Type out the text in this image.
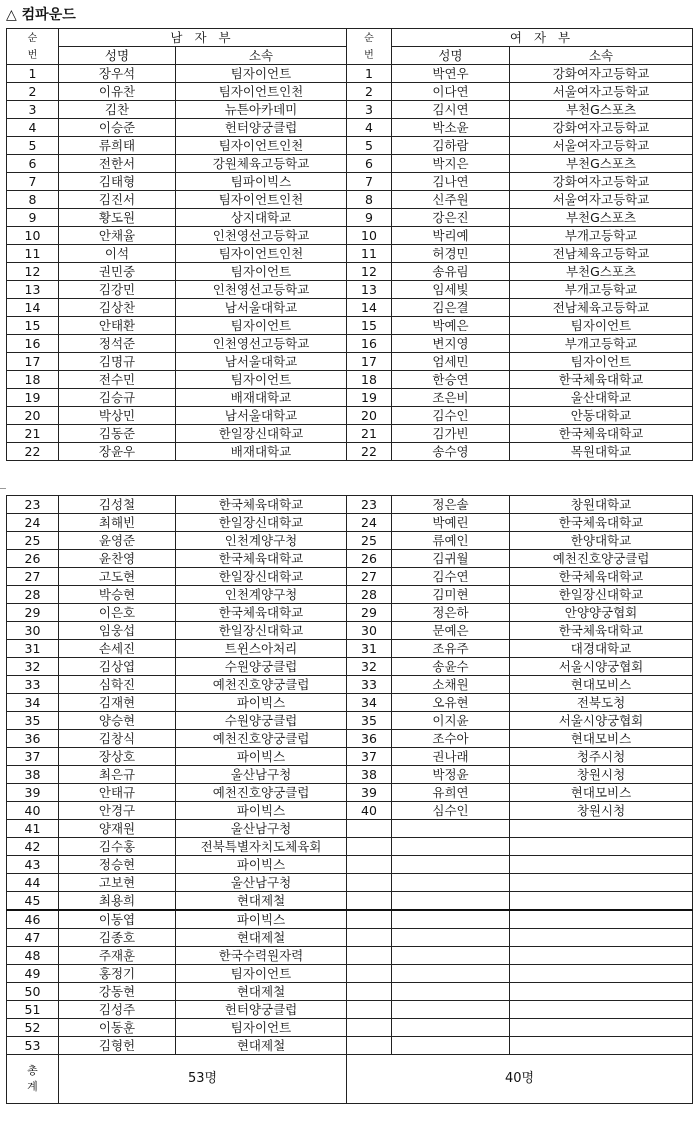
△ 컴파운드
순
번	남 자 부		순
번	여 자 부	
	성명	소속		성명	소속
1	장우석	팀자이언트	1	박연우	강화여자고등학교
2	이유찬	팀자이언트인천	2	이다연	서울여자고등학교
3	김찬	뉴튼아카데미	3	김시연	부천G스포츠
4	이승준	헌터양궁클럽	4	박소윤	강화여자고등학교
5	류희태	팀자이언트인천	5	김하람	서울여자고등학교
6	전한서	강원체육고등학교	6	박지은	부천G스포츠
7	김태형	팀파이빅스	7	김나연	강화여자고등학교
8	김진서	팀자이언트인천	8	신주원	서울여자고등학교
9	황도원	상지대학교	9	강은진	부천G스포츠
10	안채율	인천영선고등학교	10	박리예	부개고등학교
11	이석	팀자이언트인천	11	허경민	전남체육고등학교
12	권민중	팀자이언트	12	송유림	부천G스포츠
13	김강민	인천영선고등학교	13	임세빛	부개고등학교
14	김상찬	남서울대학교	14	김은결	전남체육고등학교
15	안태환	팀자이언트	15	박예은	팀자이언트
16	정석준	인천영선고등학교	16	변지영	부개고등학교
17	김명규	남서울대학교	17	엄세민	팀자이언트
18	전수민	팀자이언트	18	한승연	한국체육대학교
19	김승규	배재대학교	19	조은비	울산대학교
20	박상민	남서울대학교	20	김수인	안동대학교
21	김동준	한일장신대학교	21	김가빈	한국체육대학교
22	장윤우	배재대학교	22	송수영	목원대학교
23	김성철	한국체육대학교	23	정은솔	창원대학교
24	최해빈	한일장신대학교	24	박예린	한국체육대학교
25	윤영준	인천계양구청	25	류예인	한양대학교
26	윤찬영	한국체육대학교	26	김귀월	예천진호양궁클럽
27	고도현	한일장신대학교	27	김수연	한국체육대학교
28	박승현	인천계양구청	28	김미현	한일장신대학교
29	이은호	한국체육대학교	29	정은하	안양양궁협회
30	임웅섭	한일장신대학교	30	문예은	한국체육대학교
31	손세진	트윈스아처리	31	조유주	대경대학교
32	김상엽	수원양궁클럽	32	송윤수	서울시양궁협회
33	심학진	예천진호양궁클럽	33	소채원	현대모비스
34	김재현	파이빅스	34	오유현	전북도청
35	양승현	수원양궁클럽	35	이지윤	서울시양궁협회
36	김창식	예천진호양궁클럽	36	조수아	현대모비스
37	장상호	파이빅스	37	권나래	청주시청
38	최은규	울산남구청	38	박정윤	창원시청
39	안태규	예천진호양궁클럽	39	유희연	현대모비스
40	안경구	파이빅스	40	심수인	창원시청
41	양재원	울산남구청			
42	김수홍	전북특별자치도체육회			
43	정승현	파이빅스			
44	고보현	울산남구청			
45	최용희	현대제철			
46	이동엽	파이빅스			
47	김종호	현대제철			
48	주재훈	한국수력원자력			
49	홍정기	팀자이언트			
50	강동현	현대제철			
51	김성주	헌터양궁클럽			
52	이동훈	팀자이언트			
53	김형헌	현대제철			
총
계	53명		40명		
